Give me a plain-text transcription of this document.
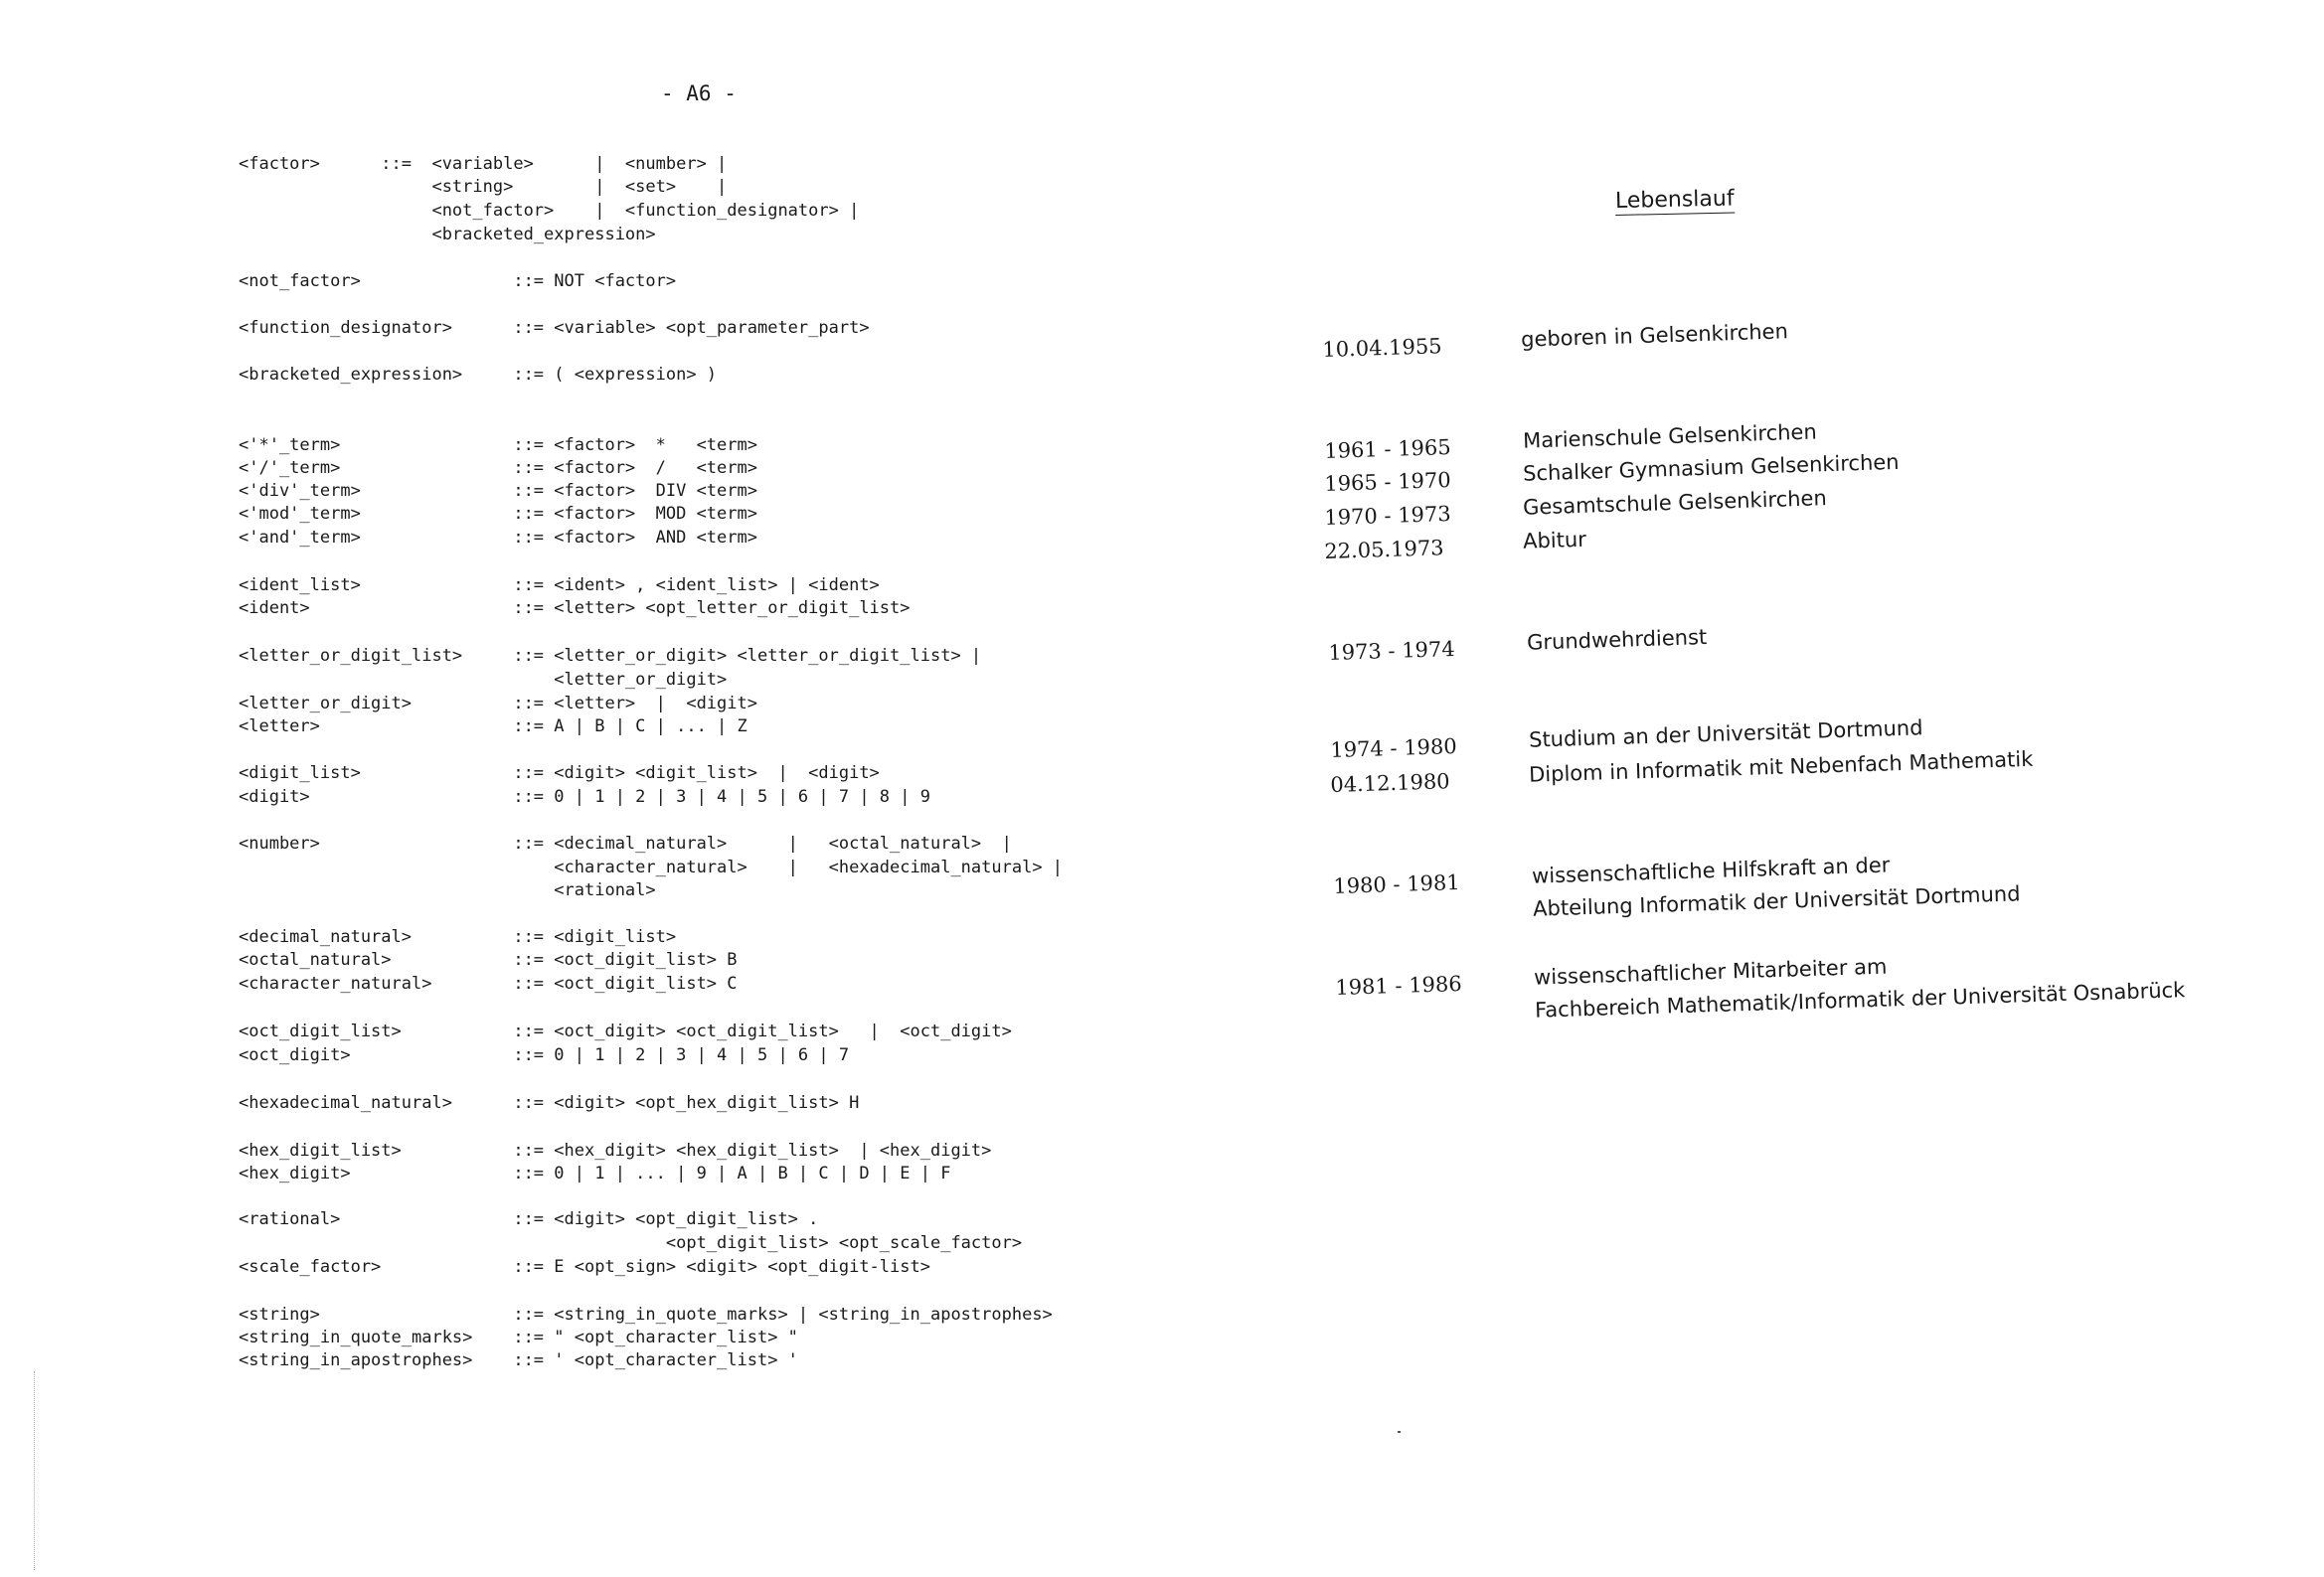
- A6 -
<factor>      ::=  <variable>      |  <number> |
<string>        |  <set>    |
<not_factor>    |  <function_designator> |
<bracketed_expression>
<not_factor>               ::= NOT <factor>
<function_designator>      ::= <variable> <opt_parameter_part>
<bracketed_expression>     ::= ( <expression> )
<'*'_term>                 ::= <factor>  *   <term>
<'/'_term>                 ::= <factor>  /   <term>
<'div'_term>               ::= <factor>  DIV <term>
<'mod'_term>               ::= <factor>  MOD <term>
<'and'_term>               ::= <factor>  AND <term>
<ident_list>               ::= <ident> , <ident_list> | <ident>
<ident>                    ::= <letter> <opt_letter_or_digit_list>
<letter_or_digit_list>     ::= <letter_or_digit> <letter_or_digit_list> |
<letter_or_digit>
<letter_or_digit>          ::= <letter>  |  <digit>
<letter>                   ::= A | B | C | ... | Z
<digit_list>               ::= <digit> <digit_list>  |  <digit>
<digit>                    ::= 0 | 1 | 2 | 3 | 4 | 5 | 6 | 7 | 8 | 9
<number>                   ::= <decimal_natural>      |   <octal_natural>  |
<character_natural>    |   <hexadecimal_natural> |
<rational>
<decimal_natural>          ::= <digit_list>
<octal_natural>            ::= <oct_digit_list> B
<character_natural>        ::= <oct_digit_list> C
<oct_digit_list>           ::= <oct_digit> <oct_digit_list>   |  <oct_digit>
<oct_digit>                ::= 0 | 1 | 2 | 3 | 4 | 5 | 6 | 7
<hexadecimal_natural>      ::= <digit> <opt_hex_digit_list> H
<hex_digit_list>           ::= <hex_digit> <hex_digit_list>  | <hex_digit>
<hex_digit>                ::= 0 | 1 | ... | 9 | A | B | C | D | E | F
<rational>                 ::= <digit> <opt_digit_list> .
<opt_digit_list> <opt_scale_factor>
<scale_factor>             ::= E <opt_sign> <digit> <opt_digit-list>
<string>                   ::= <string_in_quote_marks> | <string_in_apostrophes>
<string_in_quote_marks>    ::= " <opt_character_list> "
<string_in_apostrophes>    ::= ' <opt_character_list> '
Lebenslauf
10.04.1955	geboren in Gelsenkirchen
1961 - 1965	Marienschule Gelsenkirchen
1965 - 1970	Schalker Gymnasium Gelsenkirchen
1970 - 1973	Gesamtschule Gelsenkirchen
22.05.1973	Abitur
1973 - 1974	Grundwehrdienst
1974 - 1980	Studium an der Universität Dortmund
04.12.1980	Diplom in Informatik mit Nebenfach Mathematik
1980 - 1981	wissenschaftliche Hilfskraft an der
Abteilung Informatik der Universität Dortmund
1981 - 1986	wissenschaftlicher Mitarbeiter am
Fachbereich Mathematik/Informatik der Universität Osnabrück
